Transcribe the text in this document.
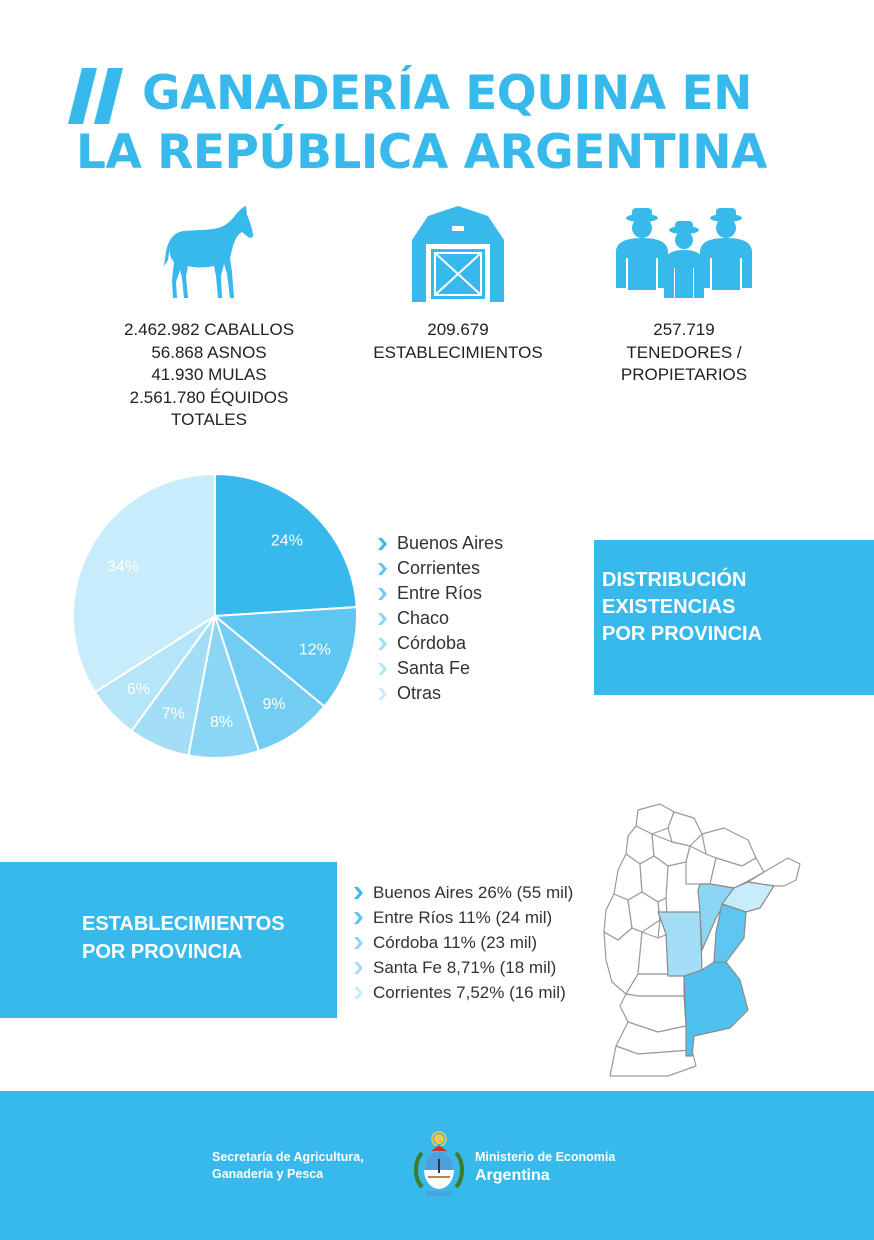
GANADERÍA EQUINA EN
LA REPÚBLICA ARGENTINA
2.462.982 CABALLOS
56.868 ASNOS
41.930 MULAS
2.561.780 ÉQUIDOS
TOTALES
209.679
ESTABLECIMIENTOS
257.719
TENEDORES /
PROPIETARIOS
24%
12%
9%
8%
7%
6%
34%
Buenos Aires
Corrientes
Entre Ríos
Chaco
Córdoba
Santa Fe
Otras
DISTRIBUCIÓN
EXISTENCIAS
POR PROVINCIA
ESTABLECIMIENTOS
POR PROVINCIA
Buenos Aires 26% (55 mil)
Entre Ríos 11% (24 mil)
Córdoba 11% (23 mil)
Santa Fe 8,71% (18 mil)
Corrientes 7,52% (16 mil)
Secretaría de Agricultura,
Ganadería y Pesca
Ministerio de Economía
Argentina
